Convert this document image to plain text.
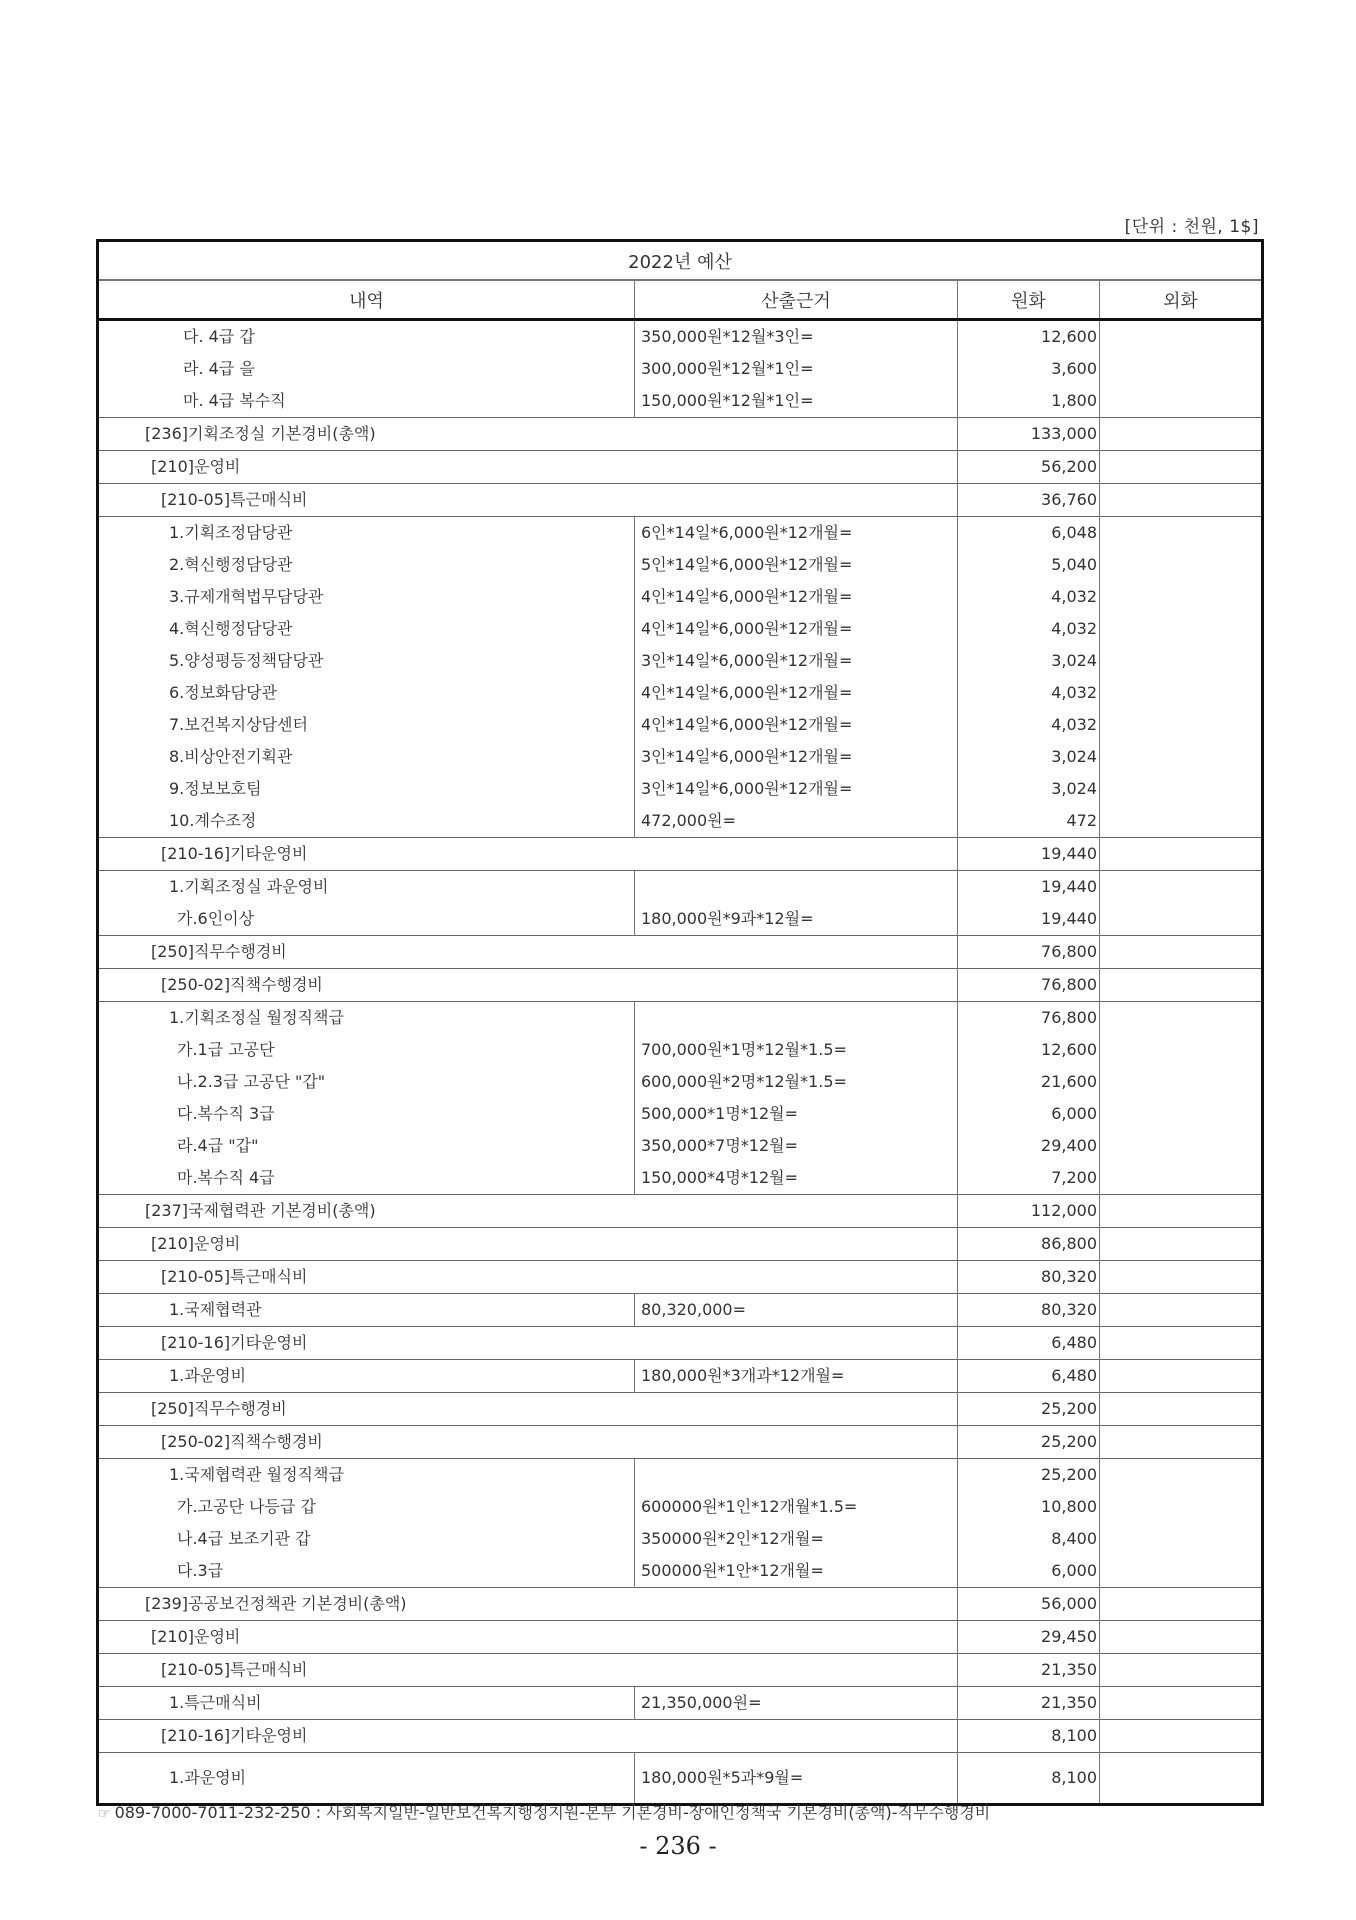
[단위 : 천원, 1$]
2022년 예산			
내역	산출근거	원화	외화
다. 4급 갑	350,000원*12월*3인=	12,600	
라. 4급 을	300,000원*12월*1인=	3,600	
마. 4급 복수직	150,000원*12월*1인=	1,800	
[236]기획조정실 기본경비(총액)		133,000	
[210]운영비		56,200	
[210-05]특근매식비		36,760	
1.기획조정담당관	6인*14일*6,000원*12개월=	6,048	
2.혁신행정담당관	5인*14일*6,000원*12개월=	5,040	
3.규제개혁법무담당관	4인*14일*6,000원*12개월=	4,032	
4.혁신행정담당관	4인*14일*6,000원*12개월=	4,032	
5.양성평등정책담당관	3인*14일*6,000원*12개월=	3,024	
6.정보화담당관	4인*14일*6,000원*12개월=	4,032	
7.보건복지상담센터	4인*14일*6,000원*12개월=	4,032	
8.비상안전기획관	3인*14일*6,000원*12개월=	3,024	
9.정보보호팀	3인*14일*6,000원*12개월=	3,024	
10.계수조정	472,000원=	472	
[210-16]기타운영비		19,440	
1.기획조정실 과운영비		19,440	
가.6인이상	180,000원*9과*12월=	19,440	
[250]직무수행경비		76,800	
[250-02]직책수행경비		76,800	
1.기획조정실 월정직책급		76,800	
가.1급 고공단	700,000원*1명*12월*1.5=	12,600	
나.2.3급 고공단 "갑"	600,000원*2명*12월*1.5=	21,600	
다.복수직 3급	500,000*1명*12월=	6,000	
라.4급 "갑"	350,000*7명*12월=	29,400	
마.복수직 4급	150,000*4명*12월=	7,200	
[237]국제협력관 기본경비(총액)		112,000	
[210]운영비		86,800	
[210-05]특근매식비		80,320	
1.국제협력관	80,320,000=	80,320	
[210-16]기타운영비		6,480	
1.과운영비	180,000원*3개과*12개월=	6,480	
[250]직무수행경비		25,200	
[250-02]직책수행경비		25,200	
1.국제협력관 월정직책급		25,200	
가.고공단 나등급 갑	600000원*1인*12개월*1.5=	10,800	
나.4급 보조기관 갑	350000원*2인*12개월=	8,400	
다.3급	500000원*1안*12개월=	6,000	
[239]공공보건정책관 기본경비(총액)		56,000	
[210]운영비		29,450	
[210-05]특근매식비		21,350	
1.특근매식비	21,350,000원=	21,350	
[210-16]기타운영비		8,100	
1.과운영비	180,000원*5과*9월=	8,100	
☞ 089-7000-7011-232-250 : 사회복지일반-일반보건복지행정지원-본부 기본경비-장애인정책국 기본경비(총액)-직무수행경비
- 236 -
